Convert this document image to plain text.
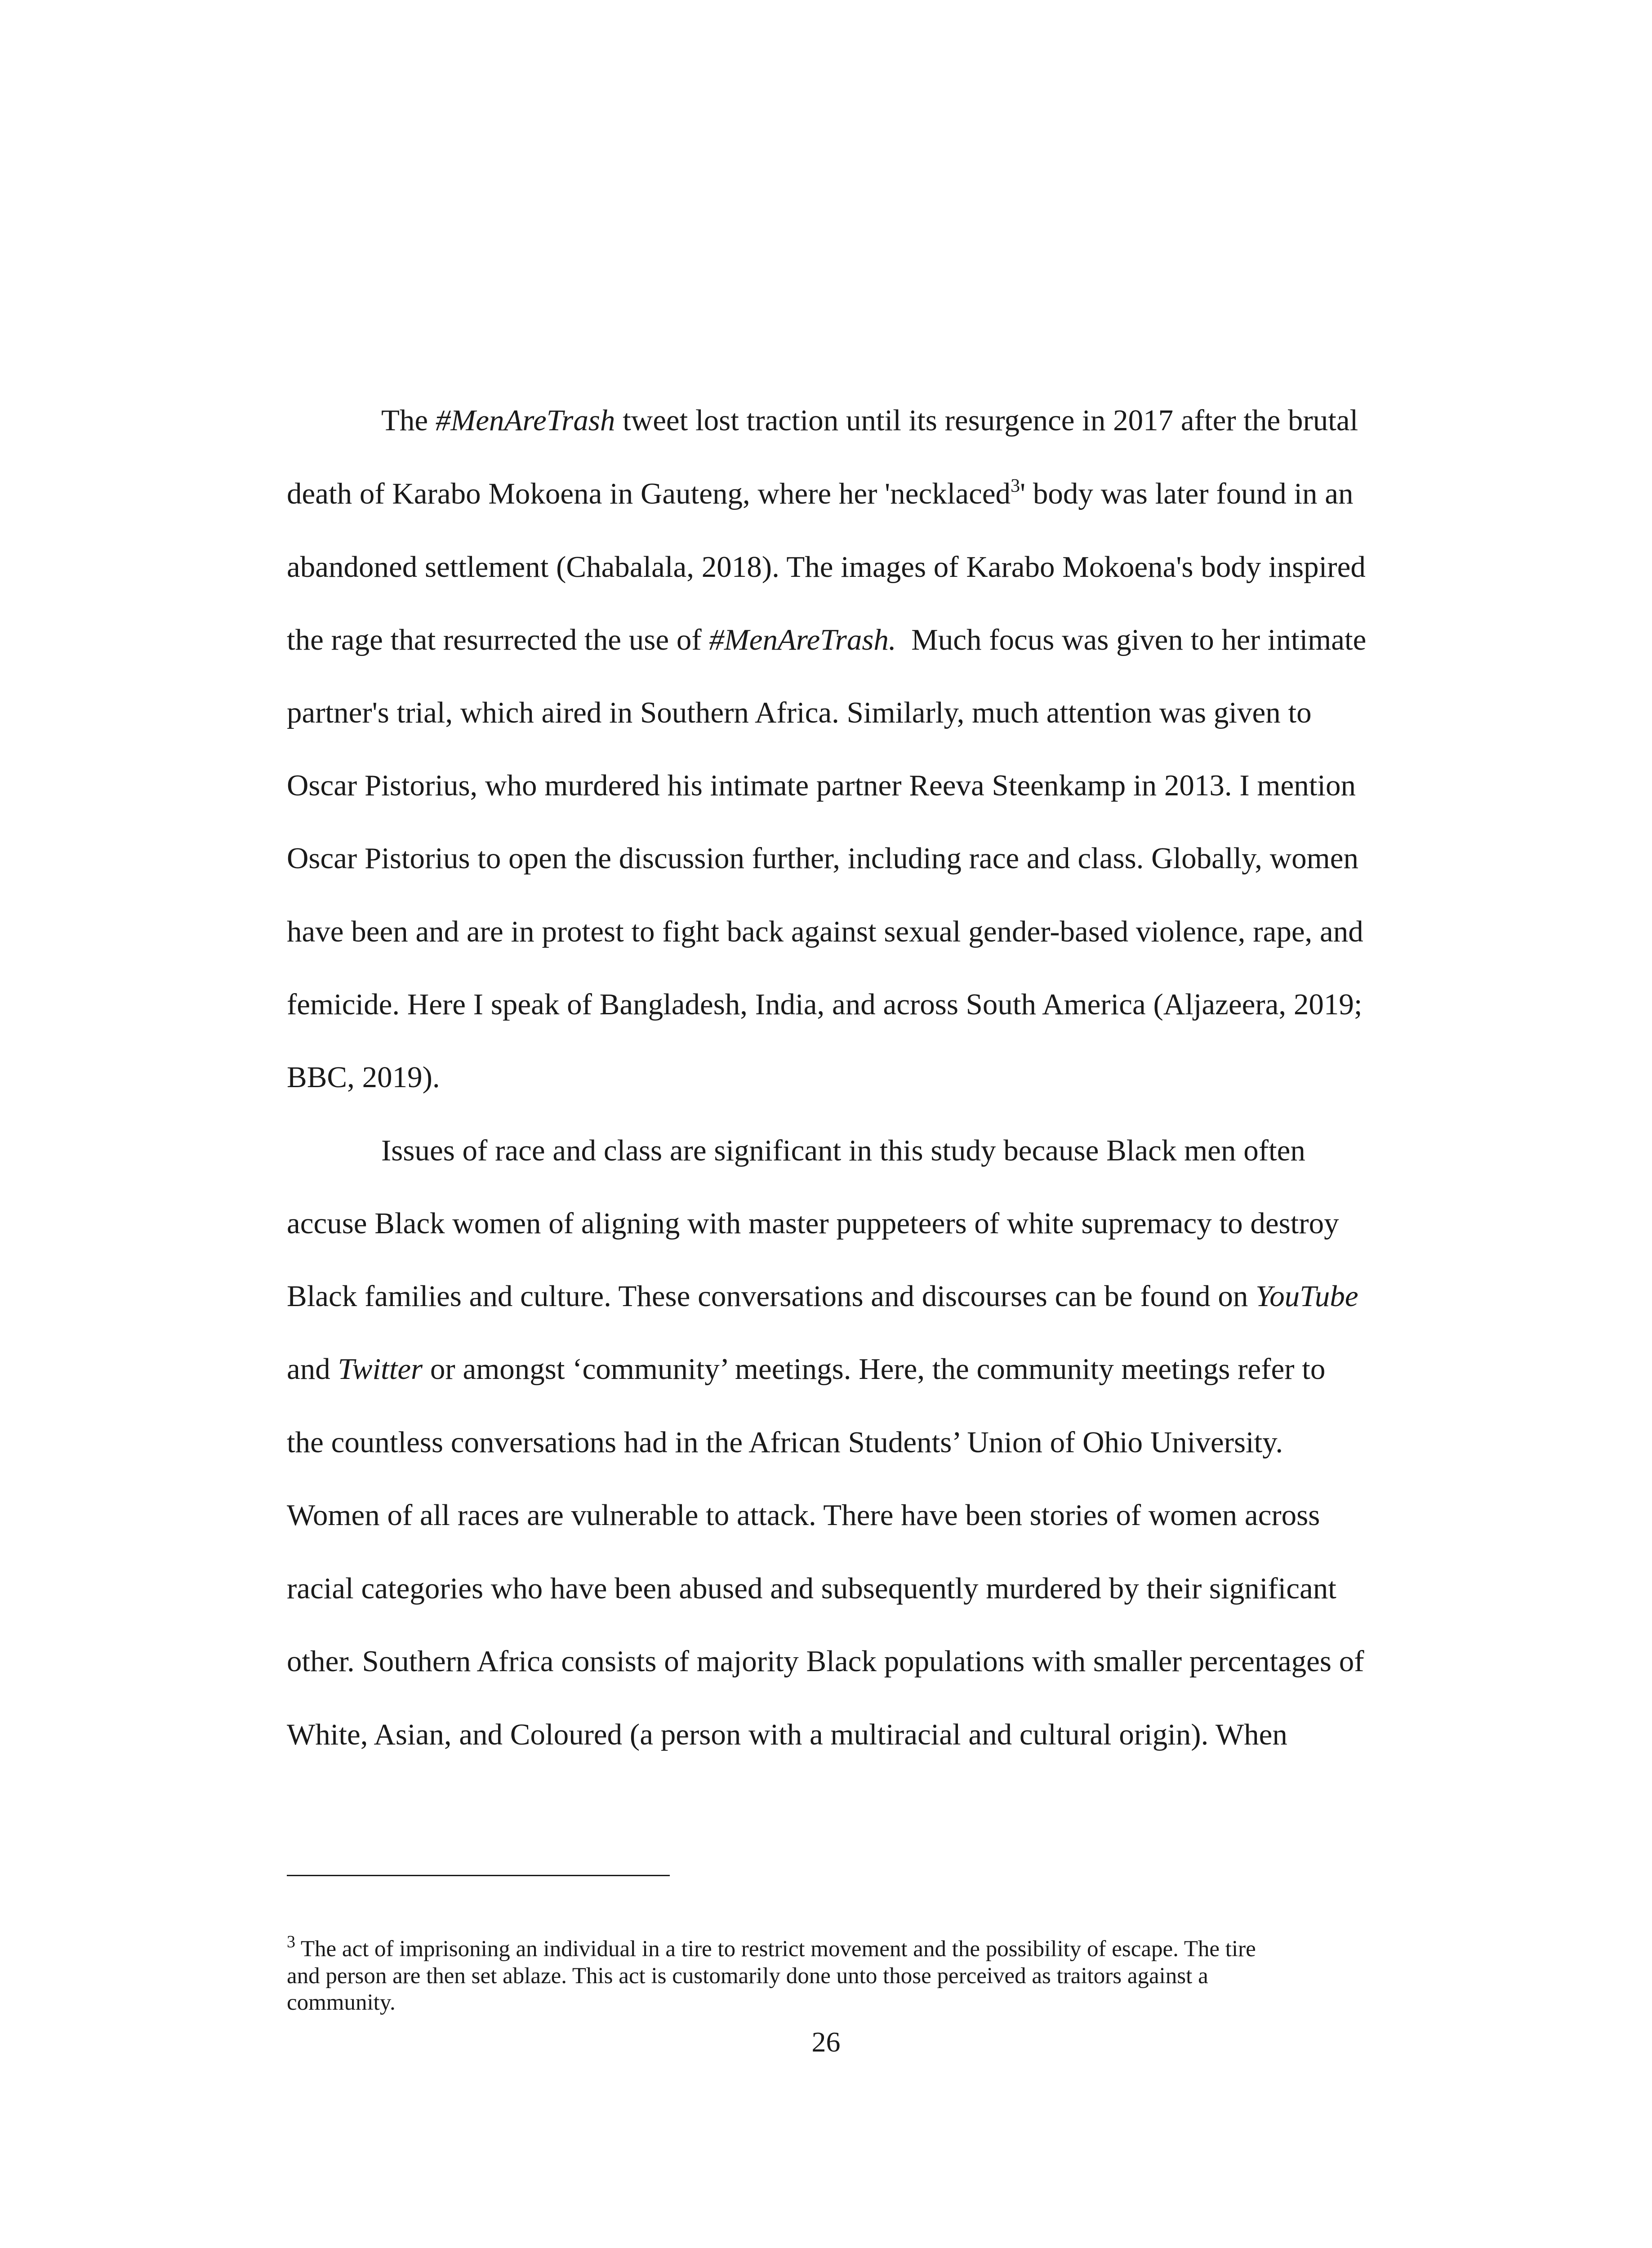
The #MenAreTrash tweet lost traction until its resurgence in 2017 after the brutal
death of Karabo Mokoena in Gauteng, where her 'necklaced$^3$' body was later found in an
abandoned settlement (Chabalala, 2018). The images of Karabo Mokoena's body inspired
the rage that resurrected the use of #MenAreTrash.  Much focus was given to her intimate
partner's trial, which aired in Southern Africa. Similarly, much attention was given to
Oscar Pistorius, who murdered his intimate partner Reeva Steenkamp in 2013. I mention
Oscar Pistorius to open the discussion further, including race and class. Globally, women
have been and are in protest to fight back against sexual gender-based violence, rape, and
femicide. Here I speak of Bangladesh, India, and across South America (Aljazeera, 2019;
BBC, 2019).
Issues of race and class are significant in this study because Black men often
accuse Black women of aligning with master puppeteers of white supremacy to destroy
Black families and culture. These conversations and discourses can be found on YouTube
and Twitter or amongst ‘community’ meetings. Here, the community meetings refer to
the countless conversations had in the African Students’ Union of Ohio University.
Women of all races are vulnerable to attack. There have been stories of women across
racial categories who have been abused and subsequently murdered by their significant
other. Southern Africa consists of majority Black populations with smaller percentages of
White, Asian, and Coloured (a person with a multiracial and cultural origin). When
$^3$ The act of imprisoning an individual in a tire to restrict movement and the possibility of escape. The tire
and person are then set ablaze. This act is customarily done unto those perceived as traitors against a
community.
26
